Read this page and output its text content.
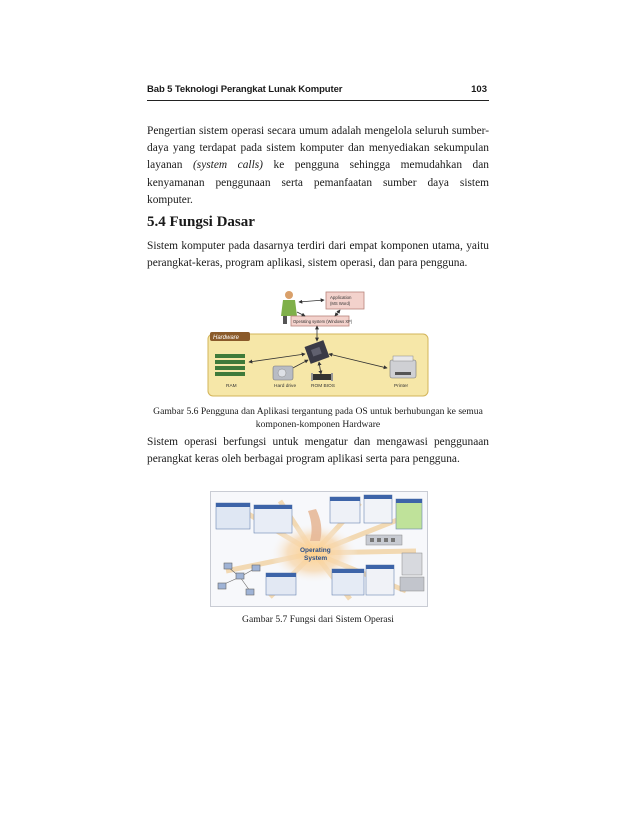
Bab 5 Teknologi Perangkat Lunak Komputer	103
Pengertian sistem operasi secara umum adalah mengelola seluruh sumber-daya yang terdapat pada sistem komputer dan menyediakan sekumpulan layanan (system calls) ke pengguna sehingga memudahkan dan kenyamanan penggunaan serta pemanfaatan sumber daya sistem komputer.
5.4 Fungsi Dasar
Sistem komputer pada dasarnya terdiri dari empat komponen utama, yaitu perangkat-keras, program aplikasi, sistem operasi, dan para pengguna.
Hardware
Application
(MS Word)
Operating system (Windows XP)
RAM	Hard drive	ROM BIOS	Printer
Gambar 5.6 Pengguna dan Aplikasi tergantung pada OS untuk berhubungan ke semua komponen-komponen Hardware
Sistem operasi berfungsi untuk mengatur dan mengawasi penggunaan perangkat keras oleh berbagai program aplikasi serta para pengguna.
Operating
System
Gambar 5.7 Fungsi dari Sistem Operasi
